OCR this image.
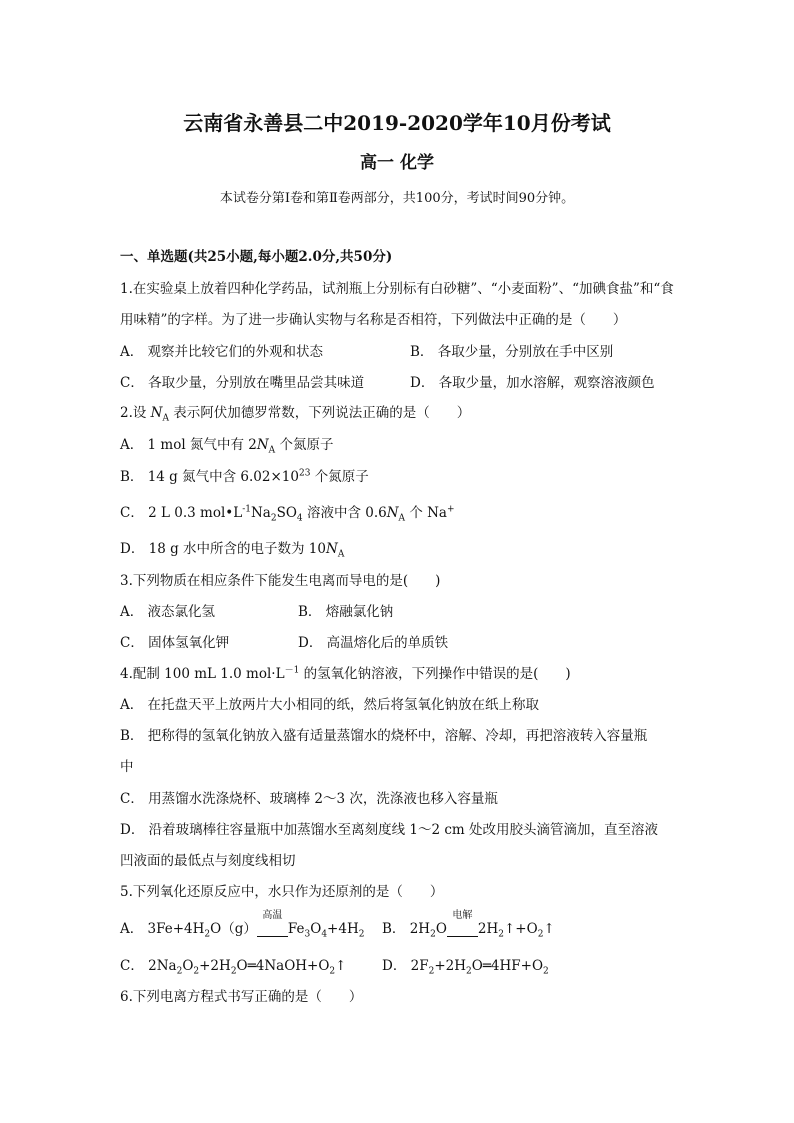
云南省永善县二中2019-2020学年10月份考试
高一 化学
本试卷分第Ⅰ卷和第Ⅱ卷两部分，共100分，考试时间90分钟。
一、单选题(共25小题,每小题2.0分,共50分)
1.在实验桌上放着四种化学药品，试剂瓶上分别标有白砂糖”、“小麦面粉”、“加碘食盐”和“食
用味精”的字样。为了进一步确认实物与名称是否相符，下列做法中正确的是（　　）
A． 观察并比较它们的外观和状态	B． 各取少量，分别放在手中区别
C． 各取少量，分别放在嘴里品尝其味道	D． 各取少量，加水溶解，观察溶液颜色
2.设 $N_A$ 表示阿伏加德罗常数，下列说法正确的是（　　）
A． 1 mol 氮气中有 $2N_A$ 个氮原子
B． 14 g 氮气中含 $6.02\times 10^{23}$ 个氮原子
C． 2 L 0.3 $mol•L^{-1}Na_2SO_4$ 溶液中含 $0.6N_A$ 个 Na+
D． 18 g 水中所含的电子数为 $10N_A$
3.下列物质在相应条件下能发生电离而导电的是(　　)
A． 液态氯化氢	B． 熔融氯化钠
C． 固体氢氧化钾	D． 高温熔化后的单质铁
4.配制 100 mL 1.0 $mol\cdot L^{-1}$ 的氢氧化钠溶液，下列操作中错误的是(　　)
A． 在托盘天平上放两片大小相同的纸，然后将氢氧化钠放在纸上称取
B． 把称得的氢氧化钠放入盛有适量蒸馏水的烧杯中，溶解、冷却，再把溶液转入容量瓶
中
C． 用蒸馏水洗涤烧杯、玻璃棒 2～3 次，洗涤液也移入容量瓶
D． 沿着玻璃棒往容量瓶中加蒸馏水至离刻度线 1～2 cm 处改用胶头滴管滴加，直至溶液
凹液面的最低点与刻度线相切
5.下列氧化还原反应中，水只作为还原剂的是（　　）
A． $3Fe+4H_2O(g)$
高温
  $Fe_3O_4+4H_2$ B． $2H_2O$
电解
  $2H_2↑+O_2↑$
C． $2Na_2O_2+2H_2O═4NaOH+O_2↑$	D． $2F_2+2H_2O═4HF+O_2$
6.下列电离方程式书写正确的是（　　）
